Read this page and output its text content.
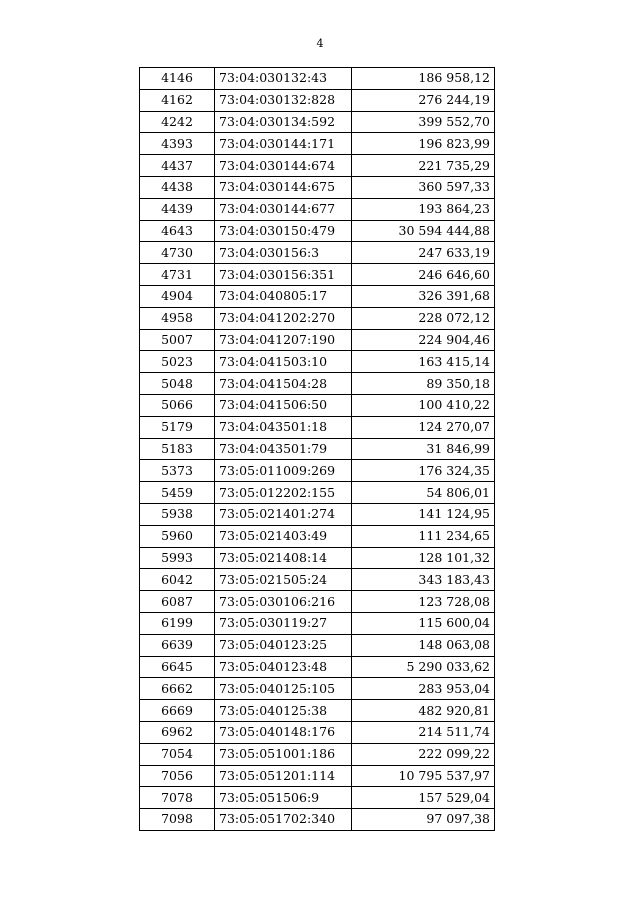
4
4146	73:04:030132:43	186 958,12
4162	73:04:030132:828	276 244,19
4242	73:04:030134:592	399 552,70
4393	73:04:030144:171	196 823,99
4437	73:04:030144:674	221 735,29
4438	73:04:030144:675	360 597,33
4439	73:04:030144:677	193 864,23
4643	73:04:030150:479	30 594 444,88
4730	73:04:030156:3	247 633,19
4731	73:04:030156:351	246 646,60
4904	73:04:040805:17	326 391,68
4958	73:04:041202:270	228 072,12
5007	73:04:041207:190	224 904,46
5023	73:04:041503:10	163 415,14
5048	73:04:041504:28	89 350,18
5066	73:04:041506:50	100 410,22
5179	73:04:043501:18	124 270,07
5183	73:04:043501:79	31 846,99
5373	73:05:011009:269	176 324,35
5459	73:05:012202:155	54 806,01
5938	73:05:021401:274	141 124,95
5960	73:05:021403:49	111 234,65
5993	73:05:021408:14	128 101,32
6042	73:05:021505:24	343 183,43
6087	73:05:030106:216	123 728,08
6199	73:05:030119:27	115 600,04
6639	73:05:040123:25	148 063,08
6645	73:05:040123:48	5 290 033,62
6662	73:05:040125:105	283 953,04
6669	73:05:040125:38	482 920,81
6962	73:05:040148:176	214 511,74
7054	73:05:051001:186	222 099,22
7056	73:05:051201:114	10 795 537,97
7078	73:05:051506:9	157 529,04
7098	73:05:051702:340	97 097,38
